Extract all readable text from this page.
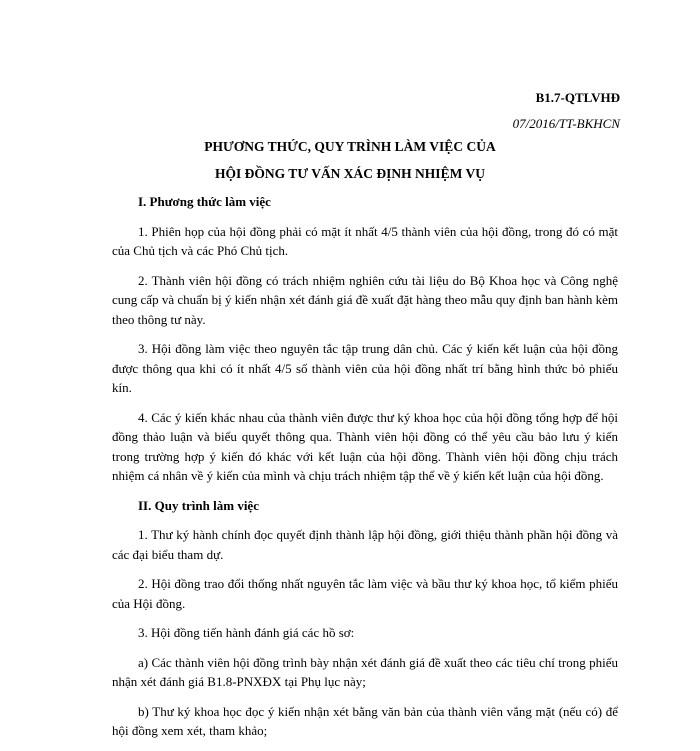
B1.7-QTLVHĐ

07/2016/TT-BKHCN

PHƯƠNG THỨC, QUY TRÌNH LÀM VIỆC CỦA

HỘI ĐỒNG TƯ VẤN XÁC ĐỊNH NHIỆM VỤ

I. Phương thức làm việc

1. Phiên họp của hội đồng phải có mặt ít nhất 4/5 thành viên của hội đồng, trong đó có mặt của Chủ tịch và các Phó Chủ tịch.

2. Thành viên hội đồng có trách nhiệm nghiên cứu tài liệu do Bộ Khoa học và Công nghệ cung cấp và chuẩn bị ý kiến nhận xét đánh giá đề xuất đặt hàng theo mẫu quy định ban hành kèm theo thông tư này.

3. Hội đồng làm việc theo nguyên tắc tập trung dân chủ. Các ý kiến kết luận của hội đồng được thông qua khi có ít nhất 4/5 số thành viên của hội đồng nhất trí bằng hình thức bỏ phiếu kín.

4. Các ý kiến khác nhau của thành viên được thư ký khoa học của hội đồng tổng hợp để hội đồng thảo luận và biểu quyết thông qua. Thành viên hội đồng có thể yêu cầu bảo lưu ý kiến trong trường hợp ý kiến đó khác với kết luận của hội đồng. Thành viên hội đồng chịu trách nhiệm cá nhân về ý kiến của mình và chịu trách nhiệm tập thể về ý kiến kết luận của hội đồng.

II. Quy trình làm việc

1. Thư ký hành chính đọc quyết định thành lập hội đồng, giới thiệu thành phần hội đồng và các đại biểu tham dự.

2. Hội đồng trao đổi thống nhất nguyên tắc làm việc và bầu thư ký khoa học, tổ kiểm phiếu của Hội đồng.

3. Hội đồng tiến hành đánh giá các hồ sơ:

a) Các thành viên hội đồng trình bày nhận xét đánh giá đề xuất theo các tiêu chí trong phiếu nhận xét đánh giá B1.8-PNXĐX tại Phụ lục này;

b) Thư ký khoa học đọc ý kiến nhận xét bằng văn bản của thành viên vắng mặt (nếu có) để hội đồng xem xét, tham khảo;
